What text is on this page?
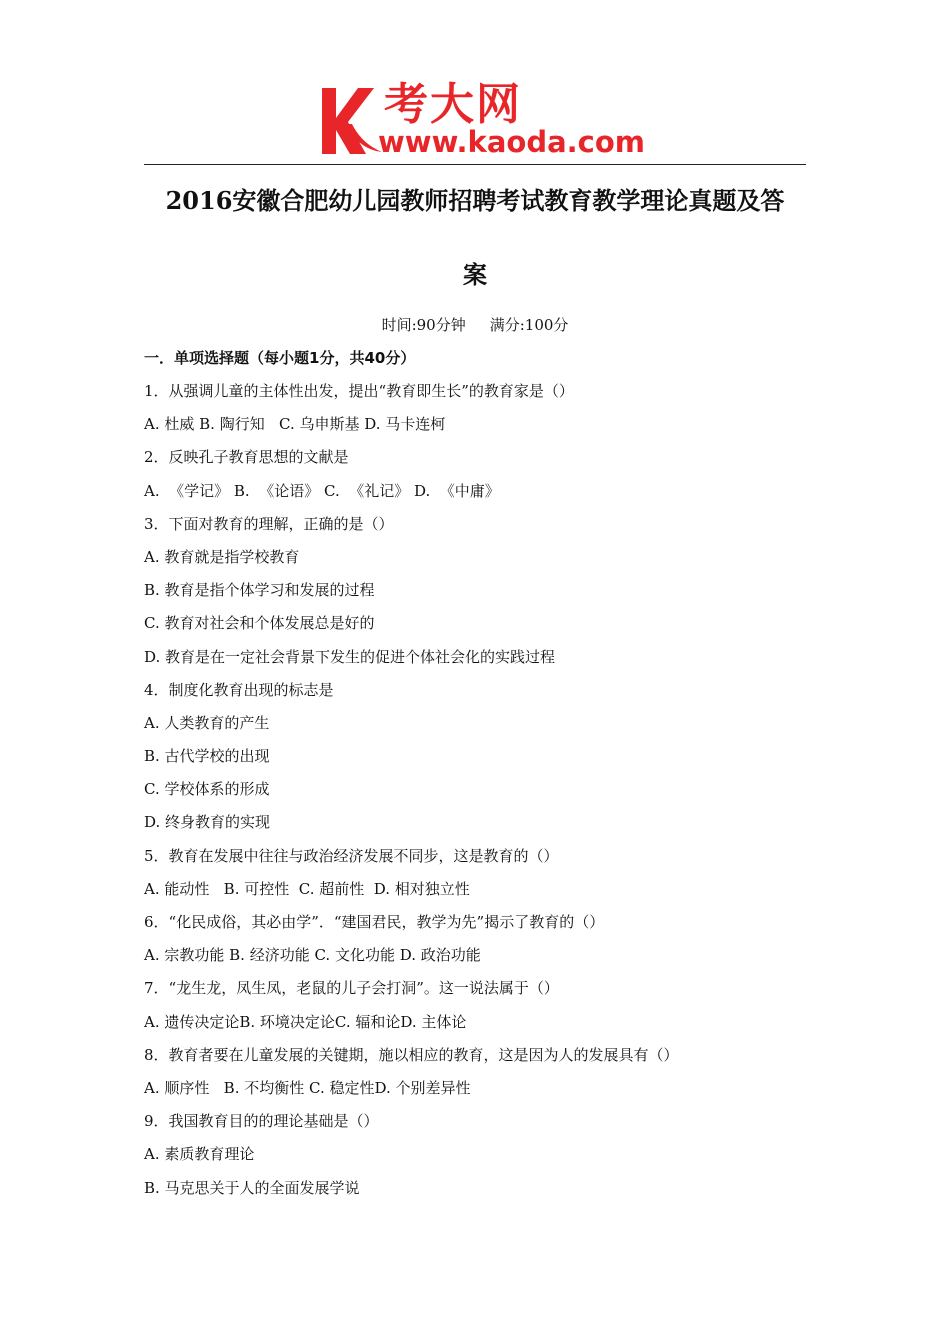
考大网
www.kaoda.com
2016安徽合肥幼儿园教师招聘考试教育教学理论真题及答
案
时间:90分钟 满分:100分
一．单项选择题（每小题1分，共40分）
1．从强调儿童的主体性出发，提出“教育即生长”的教育家是（）
A. 杜威 B. 陶行知   C. 乌申斯基 D. 马卡连柯
2．反映孔子教育思想的文献是
A.  《学记》 B.  《论语》 C.  《礼记》 D.  《中庸》
3．下面对教育的理解，正确的是（）
A. 教育就是指学校教育
B. 教育是指个体学习和发展的过程
C. 教育对社会和个体发展总是好的
D. 教育是在一定社会背景下发生的促进个体社会化的实践过程
4．制度化教育出现的标志是
A. 人类教育的产生
B. 古代学校的出现
C. 学校体系的形成
D. 终身教育的实现
5．教育在发展中往往与政治经济发展不同步，这是教育的（）
A. 能动性   B. 可控性  C. 超前性  D. 相对独立性
6．“化民成俗，其必由学”．“建国君民，教学为先”揭示了教育的（）
A. 宗教功能 B. 经济功能 C. 文化功能 D. 政治功能
7．“龙生龙，凤生凤，老鼠的儿子会打洞”。这一说法属于（）
A. 遗传决定论B. 环境决定论C. 辐和论D. 主体论
8．教育者要在儿童发展的关键期，施以相应的教育，这是因为人的发展具有（）
A. 顺序性   B. 不均衡性 C. 稳定性D. 个别差异性
9．我国教育目的的理论基础是（）
A. 素质教育理论
B. 马克思关于人的全面发展学说
